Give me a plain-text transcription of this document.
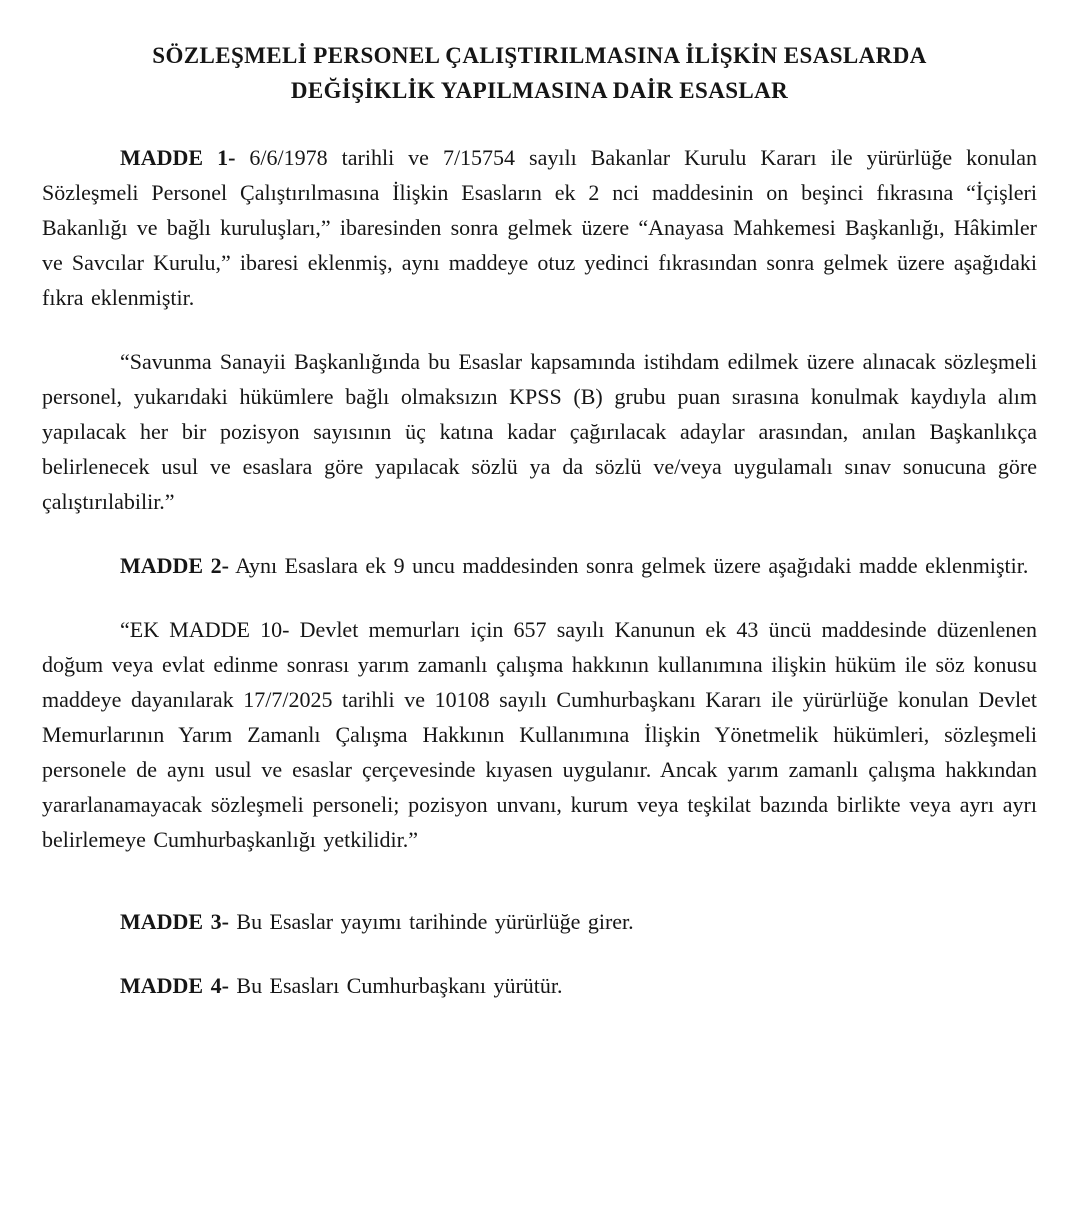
SÖZLEŞMELİ PERSONEL ÇALIŞTIRILMASINA İLİŞKİN ESASLARDA
DEĞİŞİKLİK YAPILMASINA DAİR ESASLAR

MADDE 1- 6/6/1978 tarihli ve 7/15754 sayılı Bakanlar Kurulu Kararı ile yürürlüğe konulan Sözleşmeli Personel Çalıştırılmasına İlişkin Esasların ek 2 nci maddesinin on beşinci fıkrasına “İçişleri Bakanlığı ve bağlı kuruluşları,” ibaresinden sonra gelmek üzere “Anayasa Mahkemesi Başkanlığı, Hâkimler ve Savcılar Kurulu,” ibaresi eklenmiş, aynı maddeye otuz yedinci fıkrasından sonra gelmek üzere aşağıdaki fıkra eklenmiştir.

“Savunma Sanayii Başkanlığında bu Esaslar kapsamında istihdam edilmek üzere alınacak sözleşmeli personel, yukarıdaki hükümlere bağlı olmaksızın KPSS (B) grubu puan sırasına konulmak kaydıyla alım yapılacak her bir pozisyon sayısının üç katına kadar çağırılacak adaylar arasından, anılan Başkanlıkça belirlenecek usul ve esaslara göre yapılacak sözlü ya da sözlü ve/veya uygulamalı sınav sonucuna göre çalıştırılabilir.”

MADDE 2- Aynı Esaslara ek 9 uncu maddesinden sonra gelmek üzere aşağıdaki madde eklenmiştir.

“EK MADDE 10- Devlet memurları için 657 sayılı Kanunun ek 43 üncü maddesinde düzenlenen doğum veya evlat edinme sonrası yarım zamanlı çalışma hakkının kullanımına ilişkin hüküm ile söz konusu maddeye dayanılarak 17/7/2025 tarihli ve 10108 sayılı Cumhurbaşkanı Kararı ile yürürlüğe konulan Devlet Memurlarının Yarım Zamanlı Çalışma Hakkının Kullanımına İlişkin Yönetmelik hükümleri, sözleşmeli personele de aynı usul ve esaslar çerçevesinde kıyasen uygulanır. Ancak yarım zamanlı çalışma hakkından yararlanamayacak sözleşmeli personeli; pozisyon unvanı, kurum veya teşkilat bazında birlikte veya ayrı ayrı belirlemeye Cumhurbaşkanlığı yetkilidir.”

MADDE 3- Bu Esaslar yayımı tarihinde yürürlüğe girer.

MADDE 4- Bu Esasları Cumhurbaşkanı yürütür.
